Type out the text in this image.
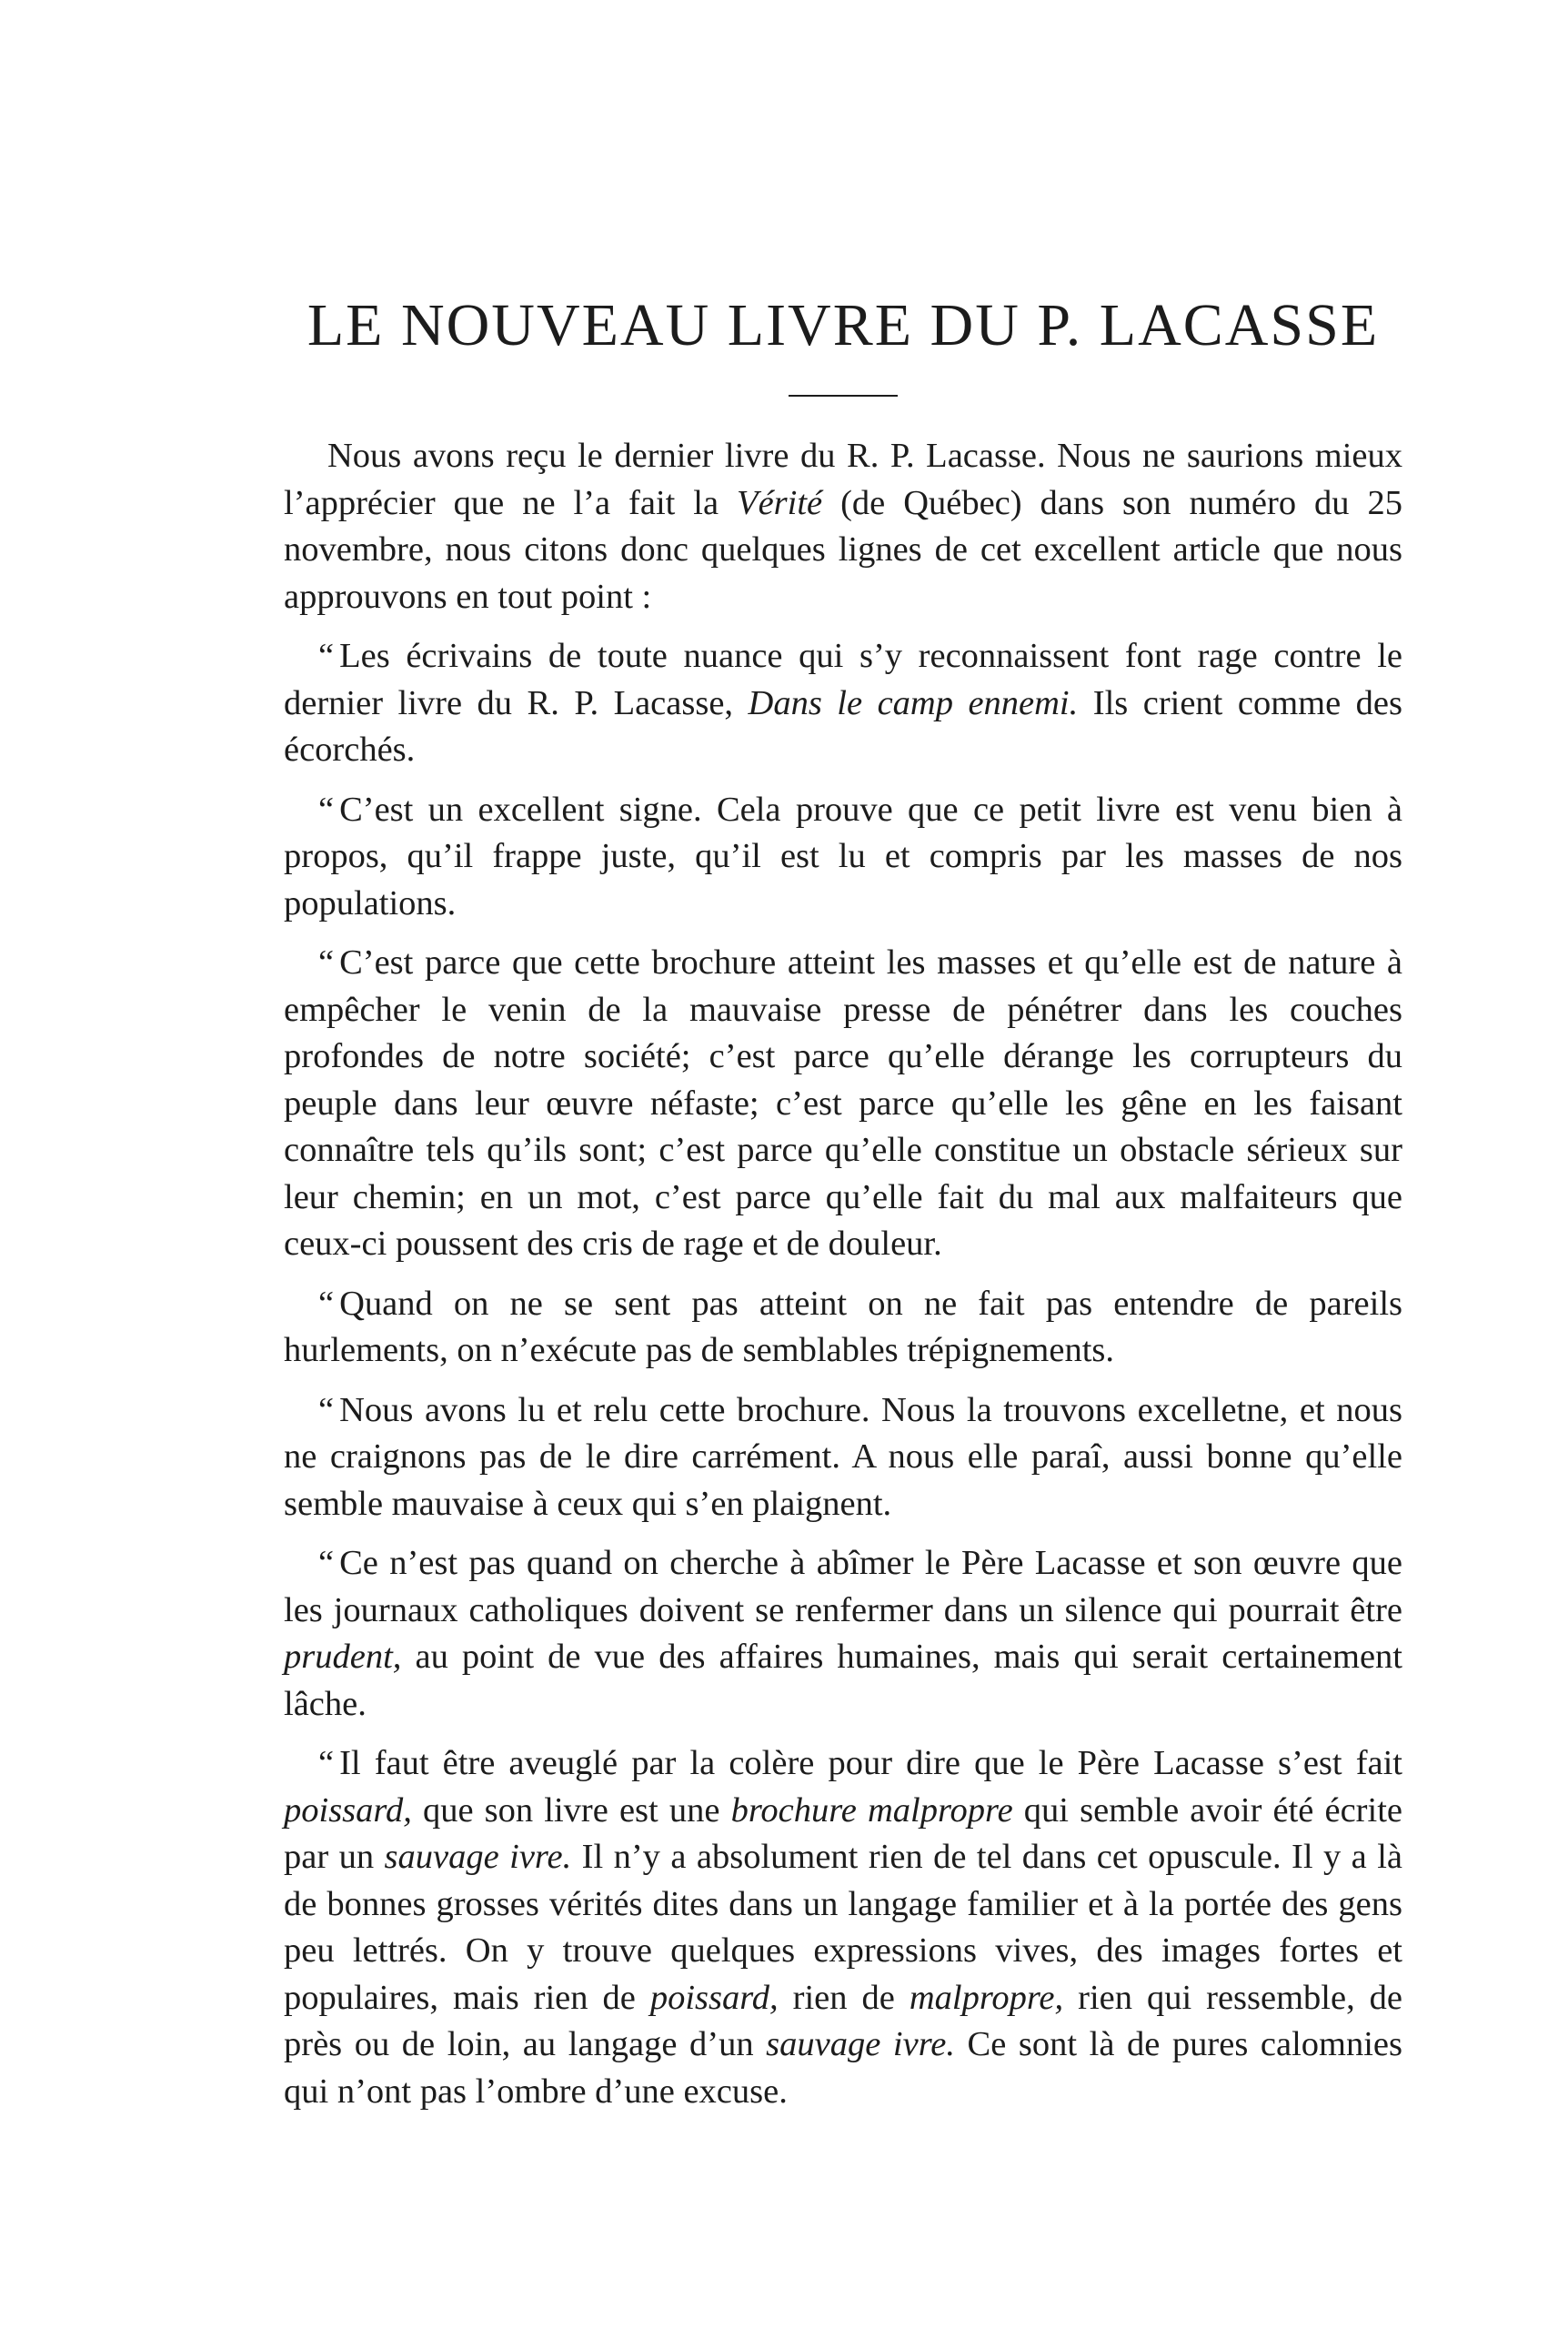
LE NOUVEAU LIVRE DU P. LACASSE

Nous avons reçu le dernier livre du R. P. Lacasse. Nous ne saurions mieux l’apprécier que ne l’a fait la Vérité (de Québec) dans son numéro du 25 novembre, nous citons donc quelques lignes de cet excellent article que nous approuvons en tout point :

“ Les écrivains de toute nuance qui s’y reconnaissent font rage contre le dernier livre du R. P. Lacasse, Dans le camp ennemi. Ils crient comme des écorchés.

“ C’est un excellent signe. Cela prouve que ce petit livre est venu bien à propos, qu’il frappe juste, qu’il est lu et compris par les masses de nos populations.

“ C’est parce que cette brochure atteint les masses et qu’elle est de nature à empêcher le venin de la mauvaise presse de pénétrer dans les couches profondes de notre société; c’est parce qu’elle dérange les corrupteurs du peuple dans leur œuvre néfaste; c’est parce qu’elle les gêne en les faisant connaître tels qu’ils sont; c’est parce qu’elle constitue un obstacle sérieux sur leur chemin; en un mot, c’est parce qu’elle fait du mal aux malfaiteurs que ceux-ci poussent des cris de rage et de douleur.

“ Quand on ne se sent pas atteint on ne fait pas entendre de pareils hurlements, on n’exécute pas de semblables trépignements.

“ Nous avons lu et relu cette brochure. Nous la trouvons excelletne, et nous ne craignons pas de le dire carrément. A nous elle paraî, aussi bonne qu’elle semble mauvaise à ceux qui s’en plaignent.

“ Ce n’est pas quand on cherche à abîmer le Père Lacasse et son œuvre que les journaux catholiques doivent se renfermer dans un silence qui pourrait être prudent, au point de vue des affaires humaines, mais qui serait certainement lâche.

“ Il faut être aveuglé par la colère pour dire que le Père Lacasse s’est fait poissard, que son livre est une brochure malpropre qui semble avoir été écrite par un sauvage ivre. Il n’y a absolument rien de tel dans cet opuscule. Il y a là de bonnes grosses vérités dites dans un langage familier et à la portée des gens peu lettrés. On y trouve quelques expressions vives, des images fortes et populaires, mais rien de poissard, rien de malpropre, rien qui ressemble, de près ou de loin, au langage d’un sauvage ivre. Ce sont là de pures calomnies qui n’ont pas l’ombre d’une excuse.
